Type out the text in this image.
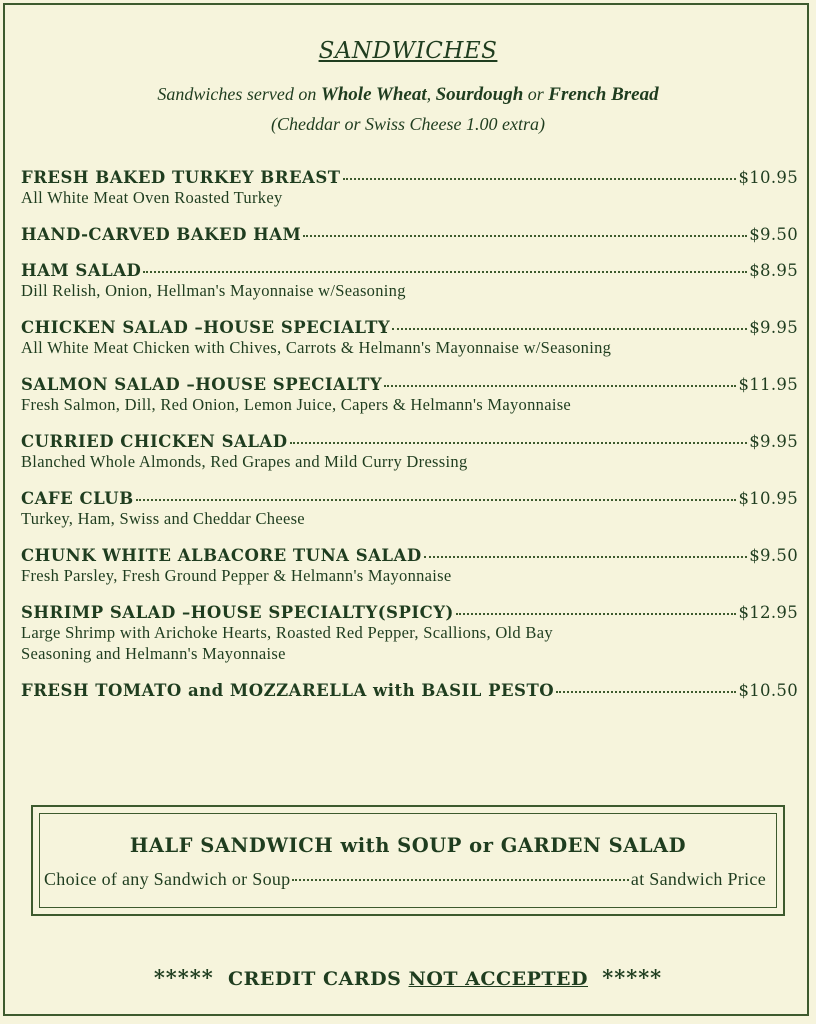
SANDWICHES
Sandwiches served on Whole Wheat, Sourdough or French Bread
(Cheddar or Swiss Cheese 1.00 extra)
FRESH BAKED TURKEY BREAST	$10.95
All White Meat Oven Roasted Turkey
HAND-CARVED BAKED HAM	$9.50
HAM SALAD	$8.95
Dill Relish, Onion, Hellman's Mayonnaise w/Seasoning
CHICKEN SALAD –HOUSE SPECIALTY	$9.95
All White Meat Chicken with Chives, Carrots & Helmann's Mayonnaise w/Seasoning
SALMON SALAD –HOUSE SPECIALTY	$11.95
Fresh Salmon, Dill, Red Onion, Lemon Juice, Capers & Helmann's Mayonnaise
CURRIED CHICKEN SALAD	$9.95
Blanched Whole Almonds, Red Grapes and Mild Curry Dressing
CAFE CLUB	$10.95
Turkey, Ham, Swiss and Cheddar Cheese
CHUNK WHITE ALBACORE TUNA SALAD	$9.50
Fresh Parsley, Fresh Ground Pepper & Helmann's Mayonnaise
SHRIMP SALAD –HOUSE SPECIALTY(SPICY)	$12.95
Large Shrimp with Arichoke Hearts, Roasted Red Pepper, Scallions, Old Bay
Seasoning and Helmann's Mayonnaise
FRESH TOMATO and MOZZARELLA with BASIL PESTO	$10.50
HALF SANDWICH with SOUP or GARDEN SALAD
Choice of any Sandwich or Soup	at Sandwich Price
***** CREDIT CARDS NOT ACCEPTED *****
